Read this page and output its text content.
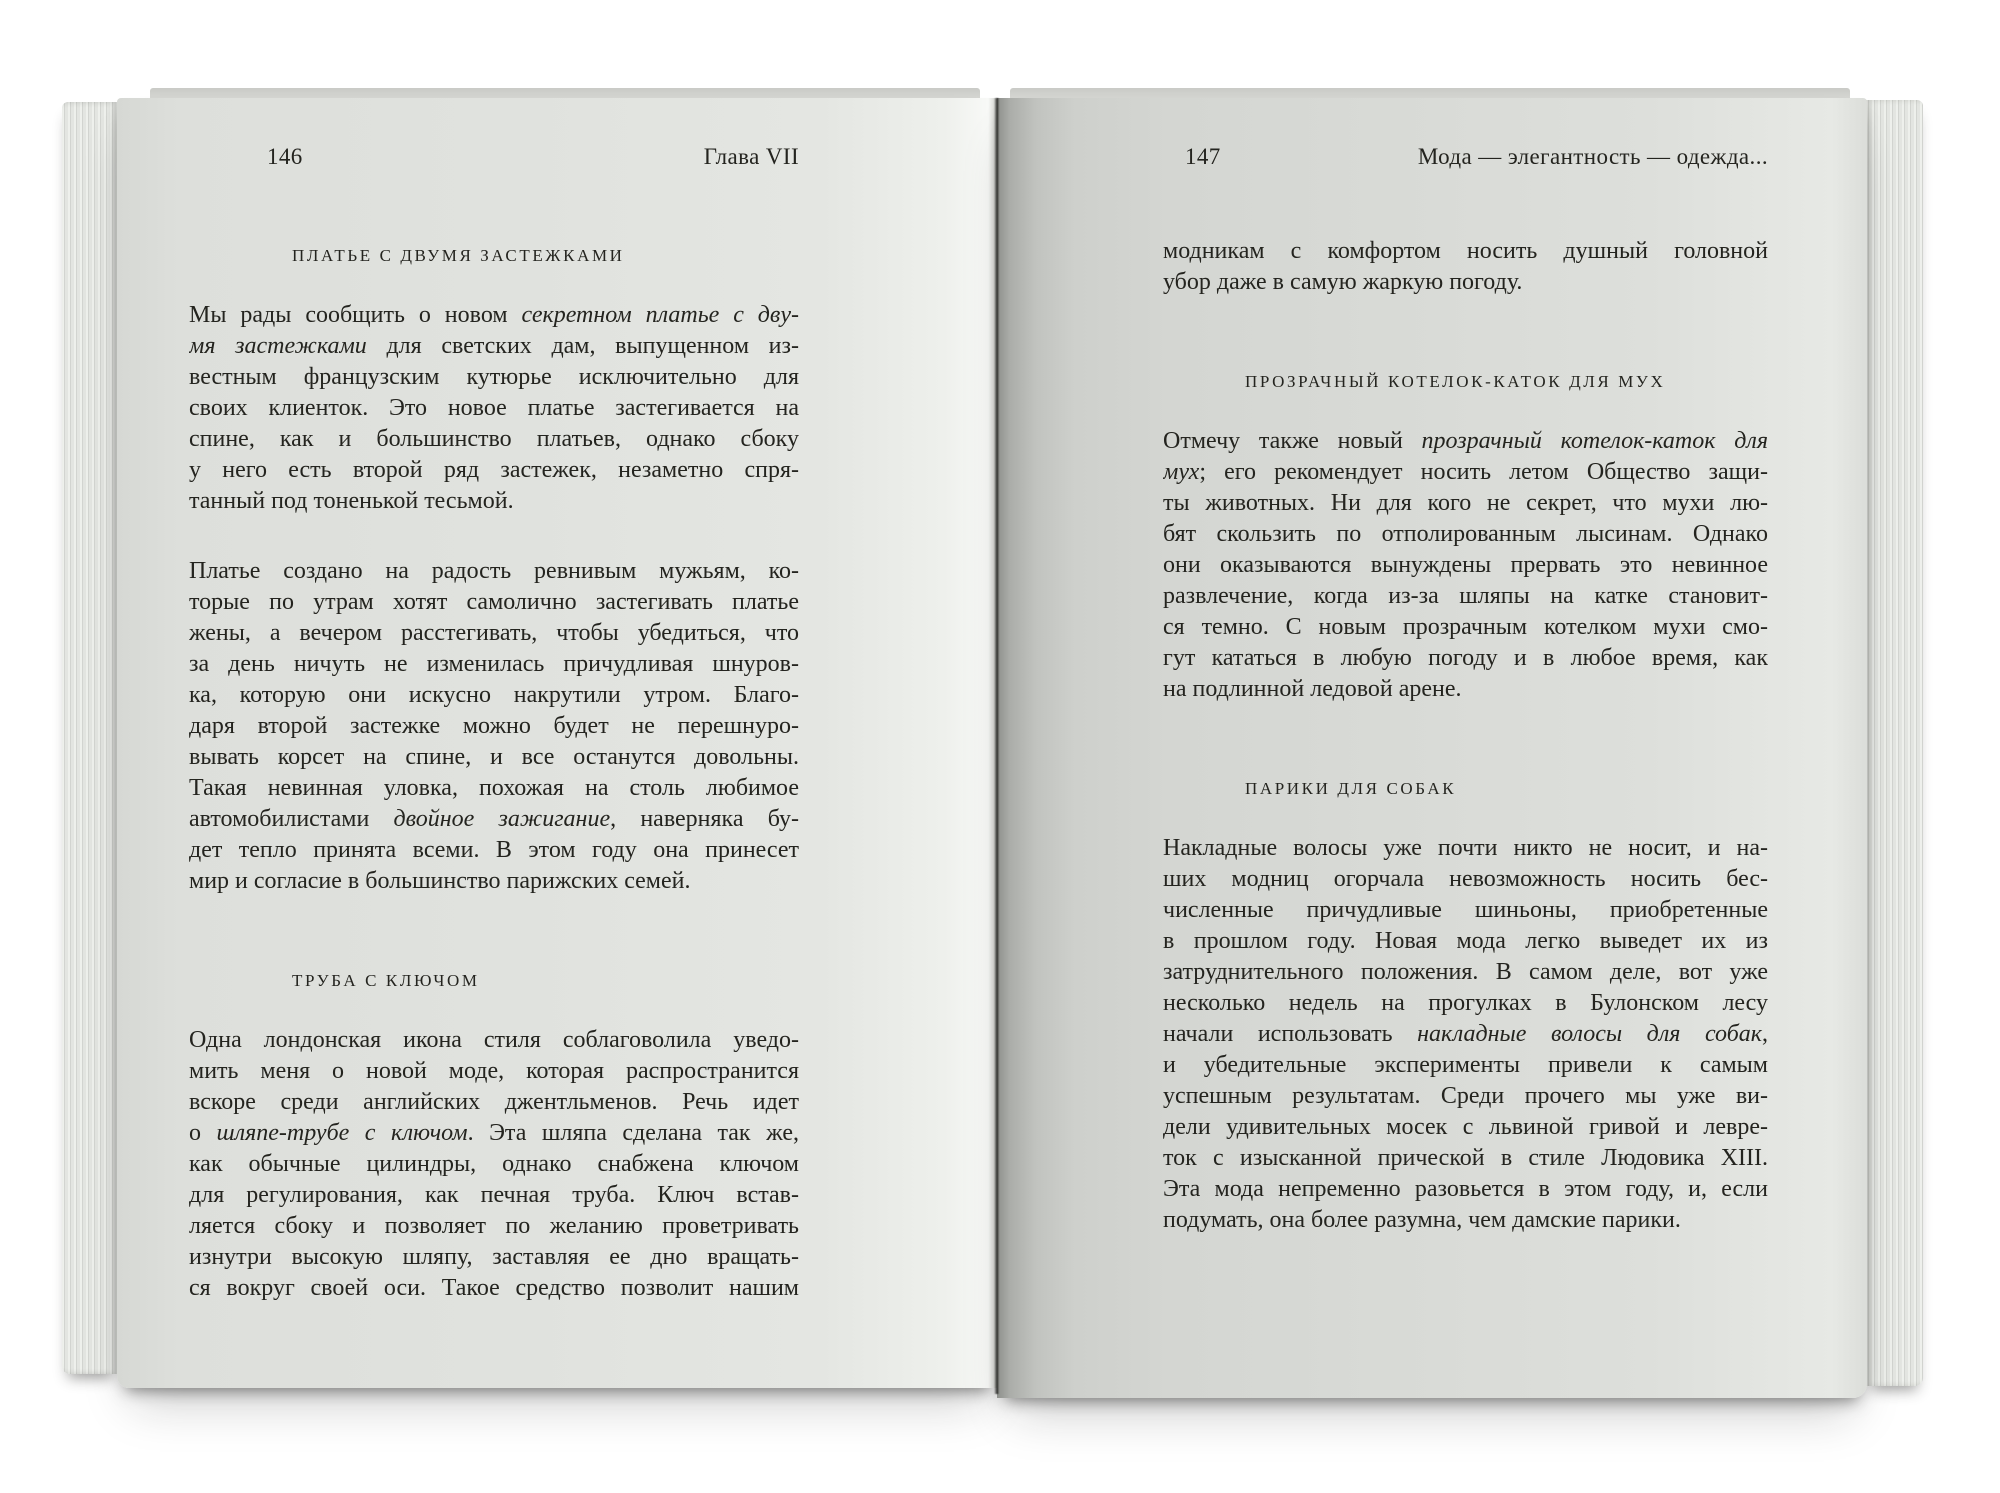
146	Глава VII
ПЛАТЬЕ С ДВУМЯ ЗАСТЕЖКАМИ
Мы рады сообщить о новом секретном платье с дву-
мя застежками для светских дам, выпущенном из-
вестным французским кутюрье исключительно для
своих клиенток. Это новое платье застегивается на
спине, как и большинство платьев, однако сбоку
у него есть второй ряд застежек, незаметно спря-
танный под тоненькой тесьмой.
Платье создано на радость ревнивым мужьям, ко-
торые по утрам хотят самолично застегивать платье
жены, а вечером расстегивать, чтобы убедиться, что
за день ничуть не изменилась причудливая шнуров-
ка, которую они искусно накрутили утром. Благо-
даря второй застежке можно будет не перешнуро-
вывать корсет на спине, и все останутся довольны.
Такая невинная уловка, похожая на столь любимое
автомобилистами двойное зажигание, наверняка бу-
дет тепло принята всеми. В этом году она принесет
мир и согласие в большинство парижских семей.
ТРУБА С КЛЮЧОМ
Одна лондонская икона стиля соблаговолила уведо-
мить меня о новой моде, которая распространится
вскоре среди английских джентльменов. Речь идет
о шляпе-трубе с ключом. Эта шляпа сделана так же,
как обычные цилиндры, однако снабжена ключом
для регулирования, как печная труба. Ключ встав-
ляется сбоку и позволяет по желанию проветривать
изнутри высокую шляпу, заставляя ее дно вращать-
ся вокруг своей оси. Такое средство позволит нашим
147	Мода — элегантность — одежда...
модникам с комфортом носить душный головной
убор даже в самую жаркую погоду.
ПРОЗРАЧНЫЙ КОТЕЛОК-КАТОК ДЛЯ МУХ
Отмечу также новый прозрачный котелок-каток для
мух; его рекомендует носить летом Общество защи-
ты животных. Ни для кого не секрет, что мухи лю-
бят скользить по отполированным лысинам. Однако
они оказываются вынуждены прервать это невинное
развлечение, когда из-за шляпы на катке становит-
ся темно. С новым прозрачным котелком мухи смо-
гут кататься в любую погоду и в любое время, как
на подлинной ледовой арене.
ПАРИКИ ДЛЯ СОБАК
Накладные волосы уже почти никто не носит, и на-
ших модниц огорчала невозможность носить бес-
численные причудливые шиньоны, приобретенные
в прошлом году. Новая мода легко выведет их из
затруднительного положения. В самом деле, вот уже
несколько недель на прогулках в Булонском лесу
начали использовать накладные волосы для собак,
и убедительные эксперименты привели к самым
успешным результатам. Среди прочего мы уже ви-
дели удивительных мосек с львиной гривой и левре-
ток с изысканной прической в стиле Людовика XIII.
Эта мода непременно разовьется в этом году, и, если
подумать, она более разумна, чем дамские парики.
